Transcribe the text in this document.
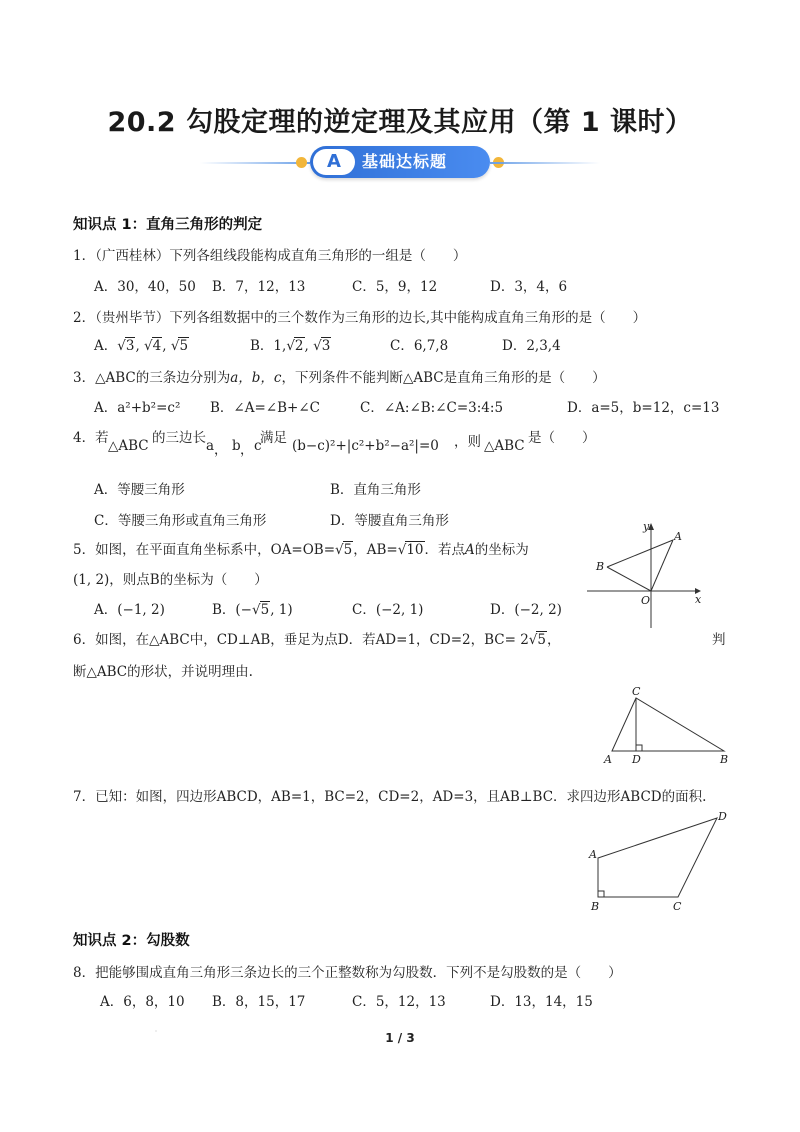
20.2 勾股定理的逆定理及其应用（第 1 课时）
A	基础达标题
知识点 1：直角三角形的判定
1．（广西桂林）下列各组线段能构成直角三角形的一组是（　　）
A．30，40，50 B．7，12，13	C．5，9，12	D．3，4，6
2．（贵州毕节）下列各组数据中的三个数作为三角形的边长,其中能构成直角三角形的是（　　）
A．√3, √4, √5	B．1,√2, √3	C．6,7,8	D．2,3,4
3．△ABC的三条边分别为a，b，c，下列条件不能判断△ABC是直角三角形的是（　　）
A．a²+b²=c² B．∠A=∠B+∠C	C．∠A:∠B:∠C=3:4:5	D．a=5，b=12，c=13
4．若 △ABC 的三边长 a ， b ， c
满足 (b−c)²+|c²+b²−a²|=0 ，则 △ABC 是（　　）
A．等腰三角形	B．直角三角形
C．等腰三角形或直角三角形	D．等腰直角三角形
5．如图，在平面直角坐标系中，OA=OB=√5，AB=√10．若点A的坐标为
(1, 2)，则点B的坐标为（　　）
A．(−1, 2)	B．(−√5, 1)	C．(−2, 1)	D．(−2, 2)
x
y
O
A
B
6．如图，在△ABC中，CD⊥AB，垂足为点D．若AD=1，CD=2，BC= 2√5，	判
断△ABC的形状，并说明理由.
A	B
C
D
7．已知：如图，四边形ABCD，AB=1，BC=2，CD=2，AD=3，且AB⊥BC．求四边形ABCD的面积.
A
B	C
D
知识点 2：勾股数
8．把能够围成直角三角形三条边长的三个正整数称为勾股数．下列不是勾股数的是（　　）
A．6，8，10 B．8，15，17	C．5，12，13	D．13，14，15
1 / 3
